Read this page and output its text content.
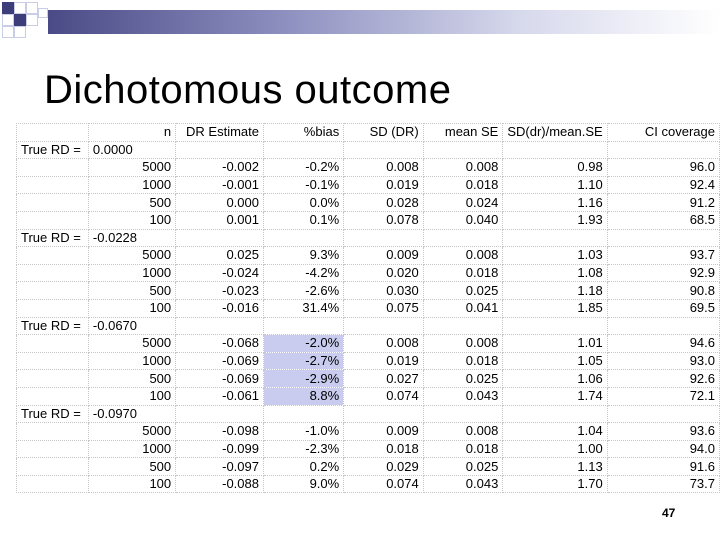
Dichotomous outcome
	n	DR Estimate	%bias	SD (DR)	mean SE	SD(dr)/mean.SE	CI coverage
True RD =	0.0000						
	5000	-0.002	-0.2%	0.008	0.008	0.98	96.0
	1000	-0.001	-0.1%	0.019	0.018	1.10	92.4
	500	0.000	0.0%	0.028	0.024	1.16	91.2
	100	0.001	0.1%	0.078	0.040	1.93	68.5
True RD =	-0.0228						
	5000	0.025	9.3%	0.009	0.008	1.03	93.7
	1000	-0.024	-4.2%	0.020	0.018	1.08	92.9
	500	-0.023	-2.6%	0.030	0.025	1.18	90.8
	100	-0.016	31.4%	0.075	0.041	1.85	69.5
True RD =	-0.0670						
	5000	-0.068	-2.0%	0.008	0.008	1.01	94.6
	1000	-0.069	-2.7%	0.019	0.018	1.05	93.0
	500	-0.069	-2.9%	0.027	0.025	1.06	92.6
	100	-0.061	8.8%	0.074	0.043	1.74	72.1
True RD =	-0.0970						
	5000	-0.098	-1.0%	0.009	0.008	1.04	93.6
	1000	-0.099	-2.3%	0.018	0.018	1.00	94.0
	500	-0.097	0.2%	0.029	0.025	1.13	91.6
	100	-0.088	9.0%	0.074	0.043	1.70	73.7
47
